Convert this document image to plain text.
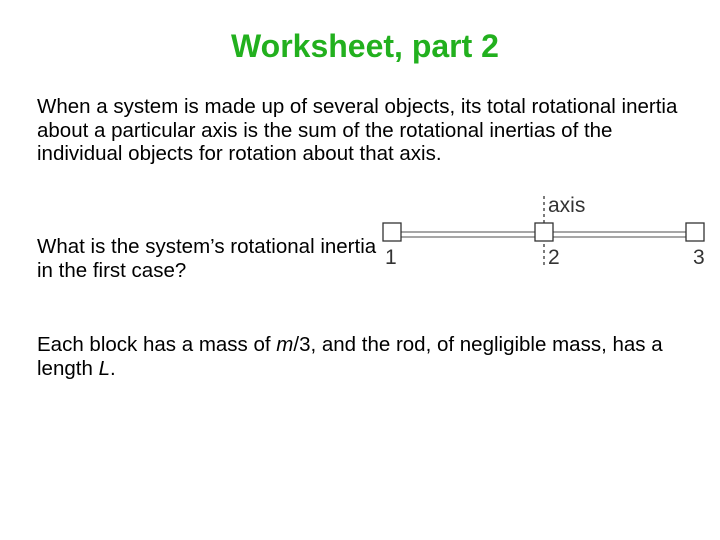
Worksheet, part 2

When a system is made up of several objects, its total rotational inertia about a particular axis is the sum of the rotational inertias of the individual objects for rotation about that axis.

What is the system’s rotational inertia in the first case?

Each block has a mass of m/3, and the rod, of negligible mass, has a length L.

axis
1	2	3
